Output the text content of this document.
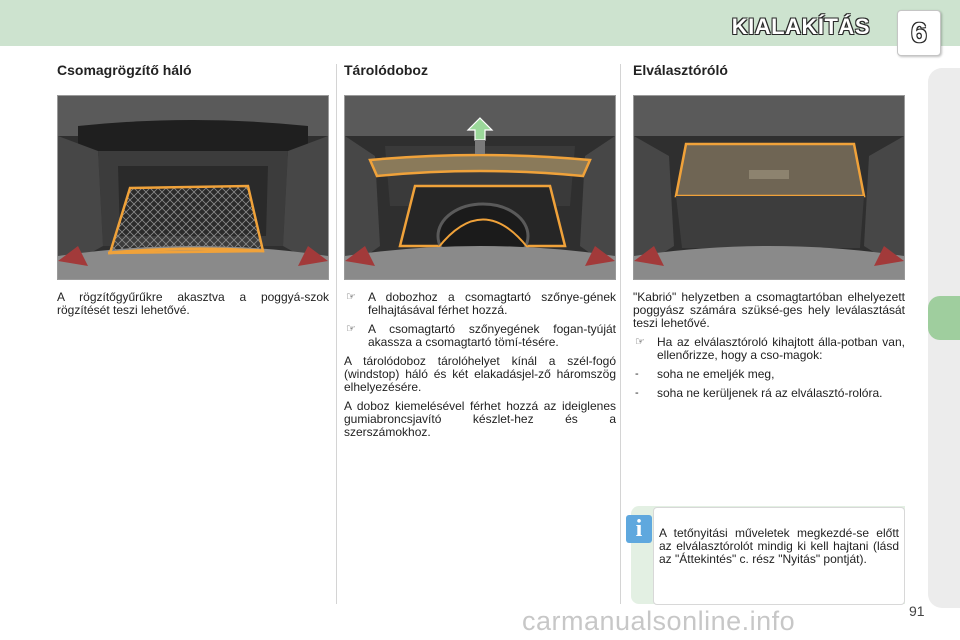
KIALAKÍTÁS	6
Csomagrögzítő háló

A rögzítőgyűrűkre akasztva a poggyá-szok rögzítését teszi lehetővé.

Tárolódoboz
☞	A dobozhoz a csomagtartó szőnye-gének felhajtásával férhet hozzá.
☞	A csomagtartó szőnyegének fogan-tyúját akassza a csomagtartó tömí-tésére.

A tárolódoboz tárolóhelyet kínál a szél-fogó (windstop) háló és két elakadásjel-ző háromszög elhelyezésére.

A doboz kiemelésével férhet hozzá az ideiglenes gumiabroncsjavító készlet-hez és a szerszámokhoz.

Elválasztóróló

"Kabrió" helyzetben a csomagtartóban elhelyezett poggyász számára szüksé-ges hely leválasztását teszi lehetővé.

☞	Ha az elválasztóroló kihajtott álla-potban van, ellenőrizze, hogy a cso-magok:
-	soha ne emeljék meg,
-	soha ne kerüljenek rá az elválasztó-rolóra.
i	A tetőnyitási műveletek megkezdé-se előtt az elválasztórolót mindig ki kell hajtani (lásd az "Áttekintés" c. rész "Nyitás" pontját).
carmanualsonline.info	91
